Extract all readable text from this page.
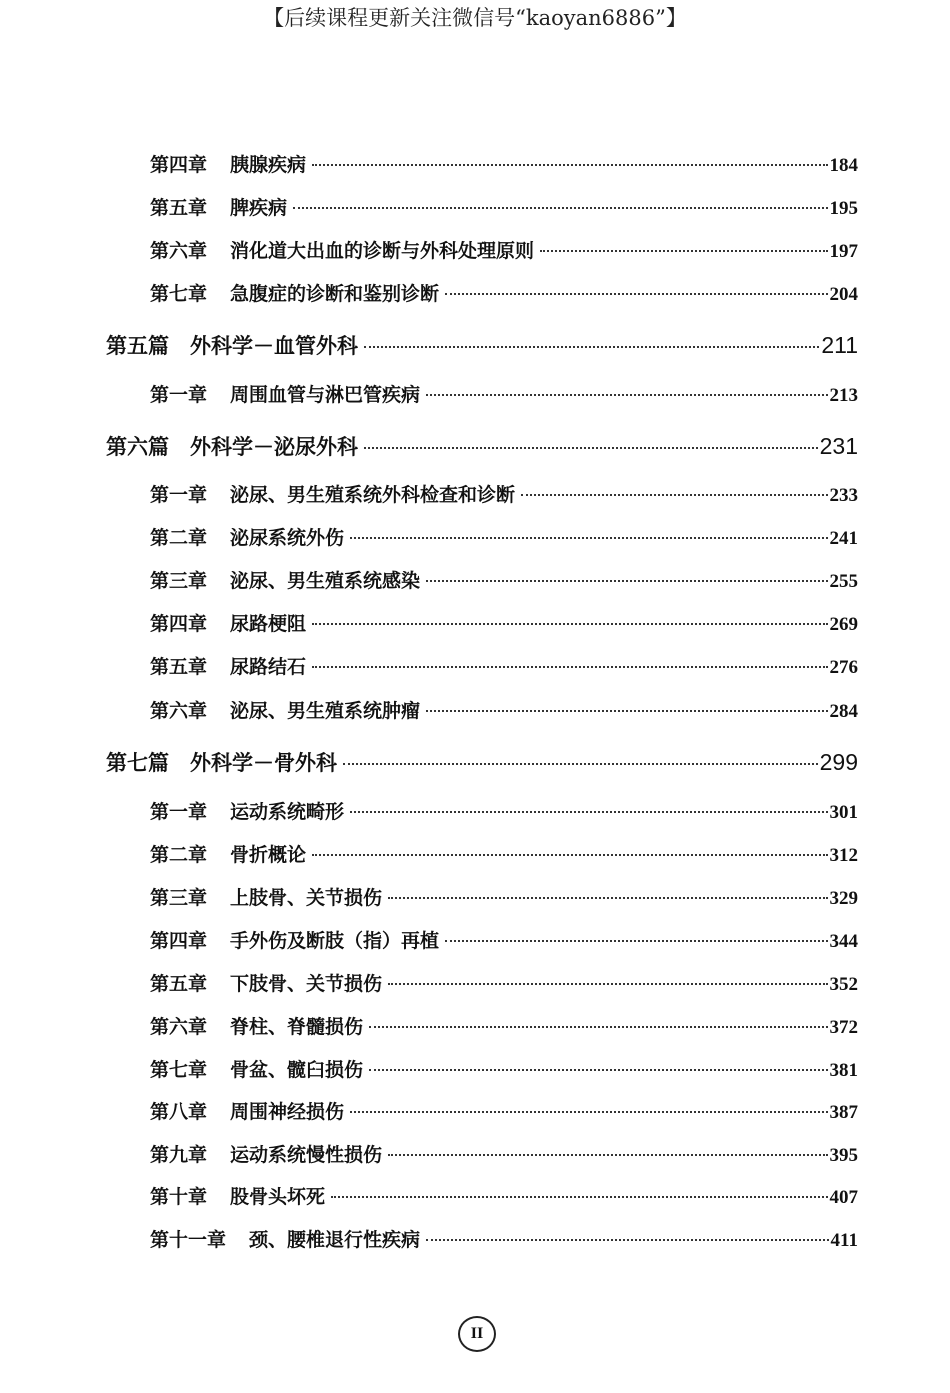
【后续课程更新关注微信号“kaoyan6886”】
第四章	胰腺疾病	184
第五章	脾疾病	195
第六章	消化道大出血的诊断与外科处理原则	197
第七章	急腹症的诊断和鉴别诊断	204
第五篇	外科学－血管外科	211
第一章	周围血管与淋巴管疾病	213
第六篇	外科学－泌尿外科	231
第一章	泌尿、男生殖系统外科检查和诊断	233
第二章	泌尿系统外伤	241
第三章	泌尿、男生殖系统感染	255
第四章	尿路梗阻	269
第五章	尿路结石	276
第六章	泌尿、男生殖系统肿瘤	284
第七篇	外科学－骨外科	299
第一章	运动系统畸形	301
第二章	骨折概论	312
第三章	上肢骨、关节损伤	329
第四章	手外伤及断肢（指）再植	344
第五章	下肢骨、关节损伤	352
第六章	脊柱、脊髓损伤	372
第七章	骨盆、髋臼损伤	381
第八章	周围神经损伤	387
第九章	运动系统慢性损伤	395
第十章	股骨头坏死	407
第十一章	颈、腰椎退行性疾病	411
II
